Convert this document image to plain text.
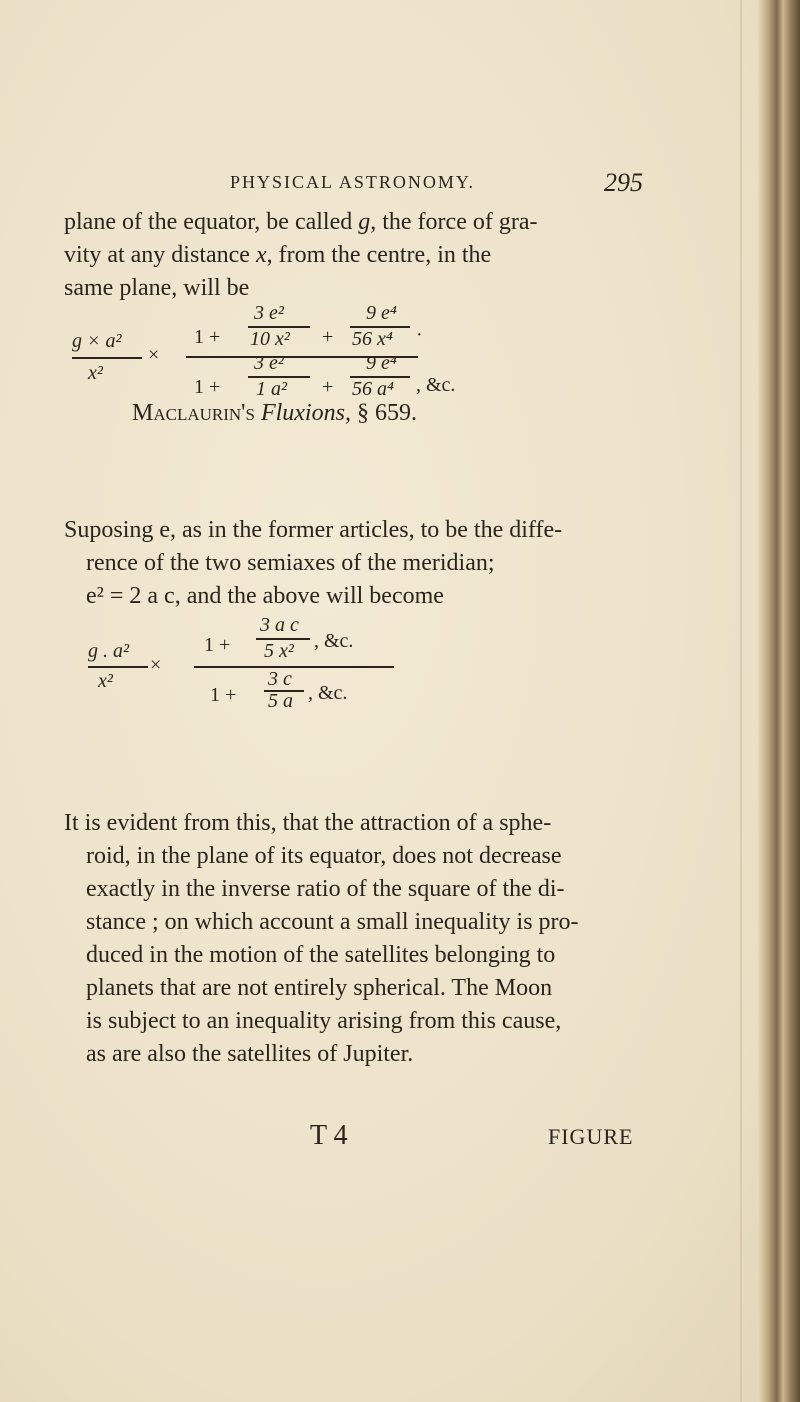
PHYSICAL ASTRONOMY.	295
plane of the equator, be called g, the force of gra-
vity at any distance x, from the centre, in the
same plane, will be
g × a²
x²
×
1 +
3 e²
10 x² +
9 e⁴
56 x⁴ ·
1 +
3 e²
1 a² +
9 e⁴
56 a⁴ , &c.
Maclaurin's Fluxions, § 659.
Suposing e, as in the former articles, to be the diffe-
rence of the two semiaxes of the meridian;
e² = 2 a c, and the above will become
g . a²
x²
×
1 +
3 a c
5 x² , &c.
1 +
3 c
5 a , &c.
It is evident from this, that the attraction of a sphe-
roid, in the plane of its equator, does not decrease
exactly in the inverse ratio of the square of the di-
stance ; on which account a small inequality is pro-
duced in the motion of the satellites belonging to
planets that are not entirely spherical. The Moon
is subject to an inequality arising from this cause,
as are also the satellites of Jupiter.
T 4	FIGURE
